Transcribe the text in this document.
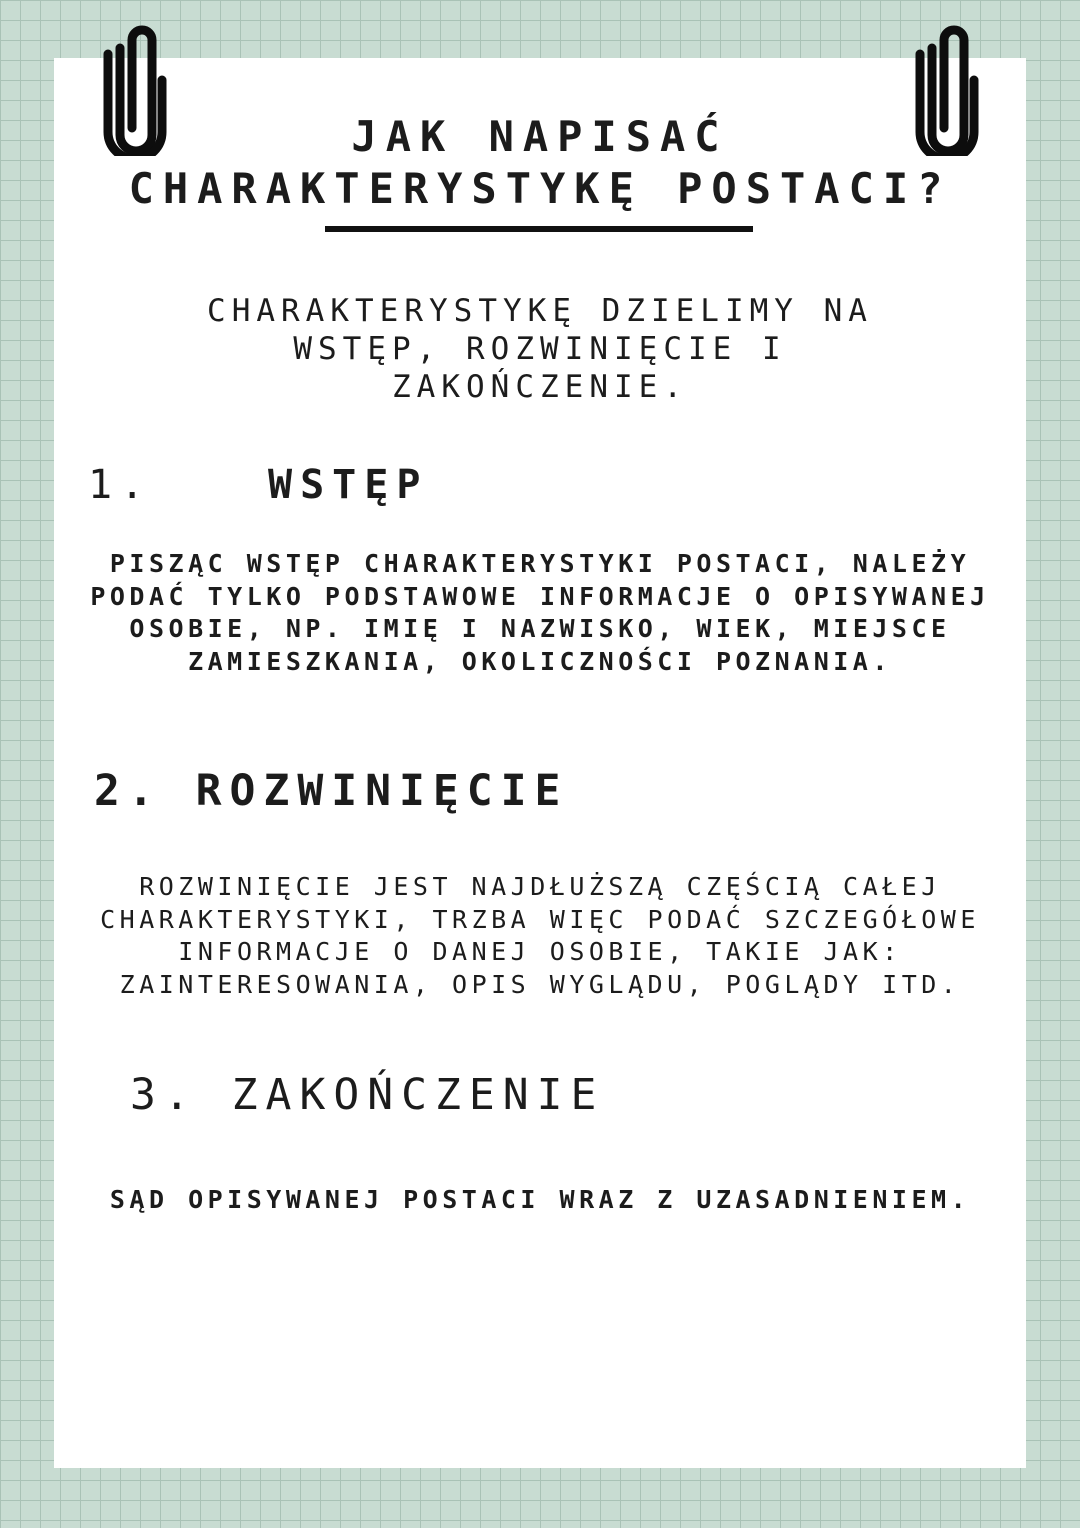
JAK NAPISAĆ
CHARAKTERYSTYKĘ POSTACI?

CHARAKTERYSTYKĘ DZIELIMY NA WSTĘP, ROZWINIĘCIE I ZAKOŃCZENIE.

1.	WSTĘP

PISZĄC WSTĘP CHARAKTERYSTYKI POSTACI, NALEŻY PODAĆ TYLKO PODSTAWOWE INFORMACJE O OPISYWANEJ OSOBIE, NP. IMIĘ I NAZWISKO, WIEK, MIEJSCE ZAMIESZKANIA, OKOLICZNOŚCI POZNANIA.

2. ROZWINIĘCIE

ROZWINIĘCIE JEST NAJDŁUŻSZĄ CZĘŚCIĄ CAŁEJ CHARAKTERYSTYKI, TRZBA WIĘC PODAĆ SZCZEGÓŁOWE INFORMACJE O DANEJ OSOBIE, TAKIE JAK: ZAINTERESOWANIA, OPIS WYGLĄDU, POGLĄDY ITD.

3. ZAKOŃCZENIE

SĄD OPISYWANEJ POSTACI WRAZ Z UZASADNIENIEM.
